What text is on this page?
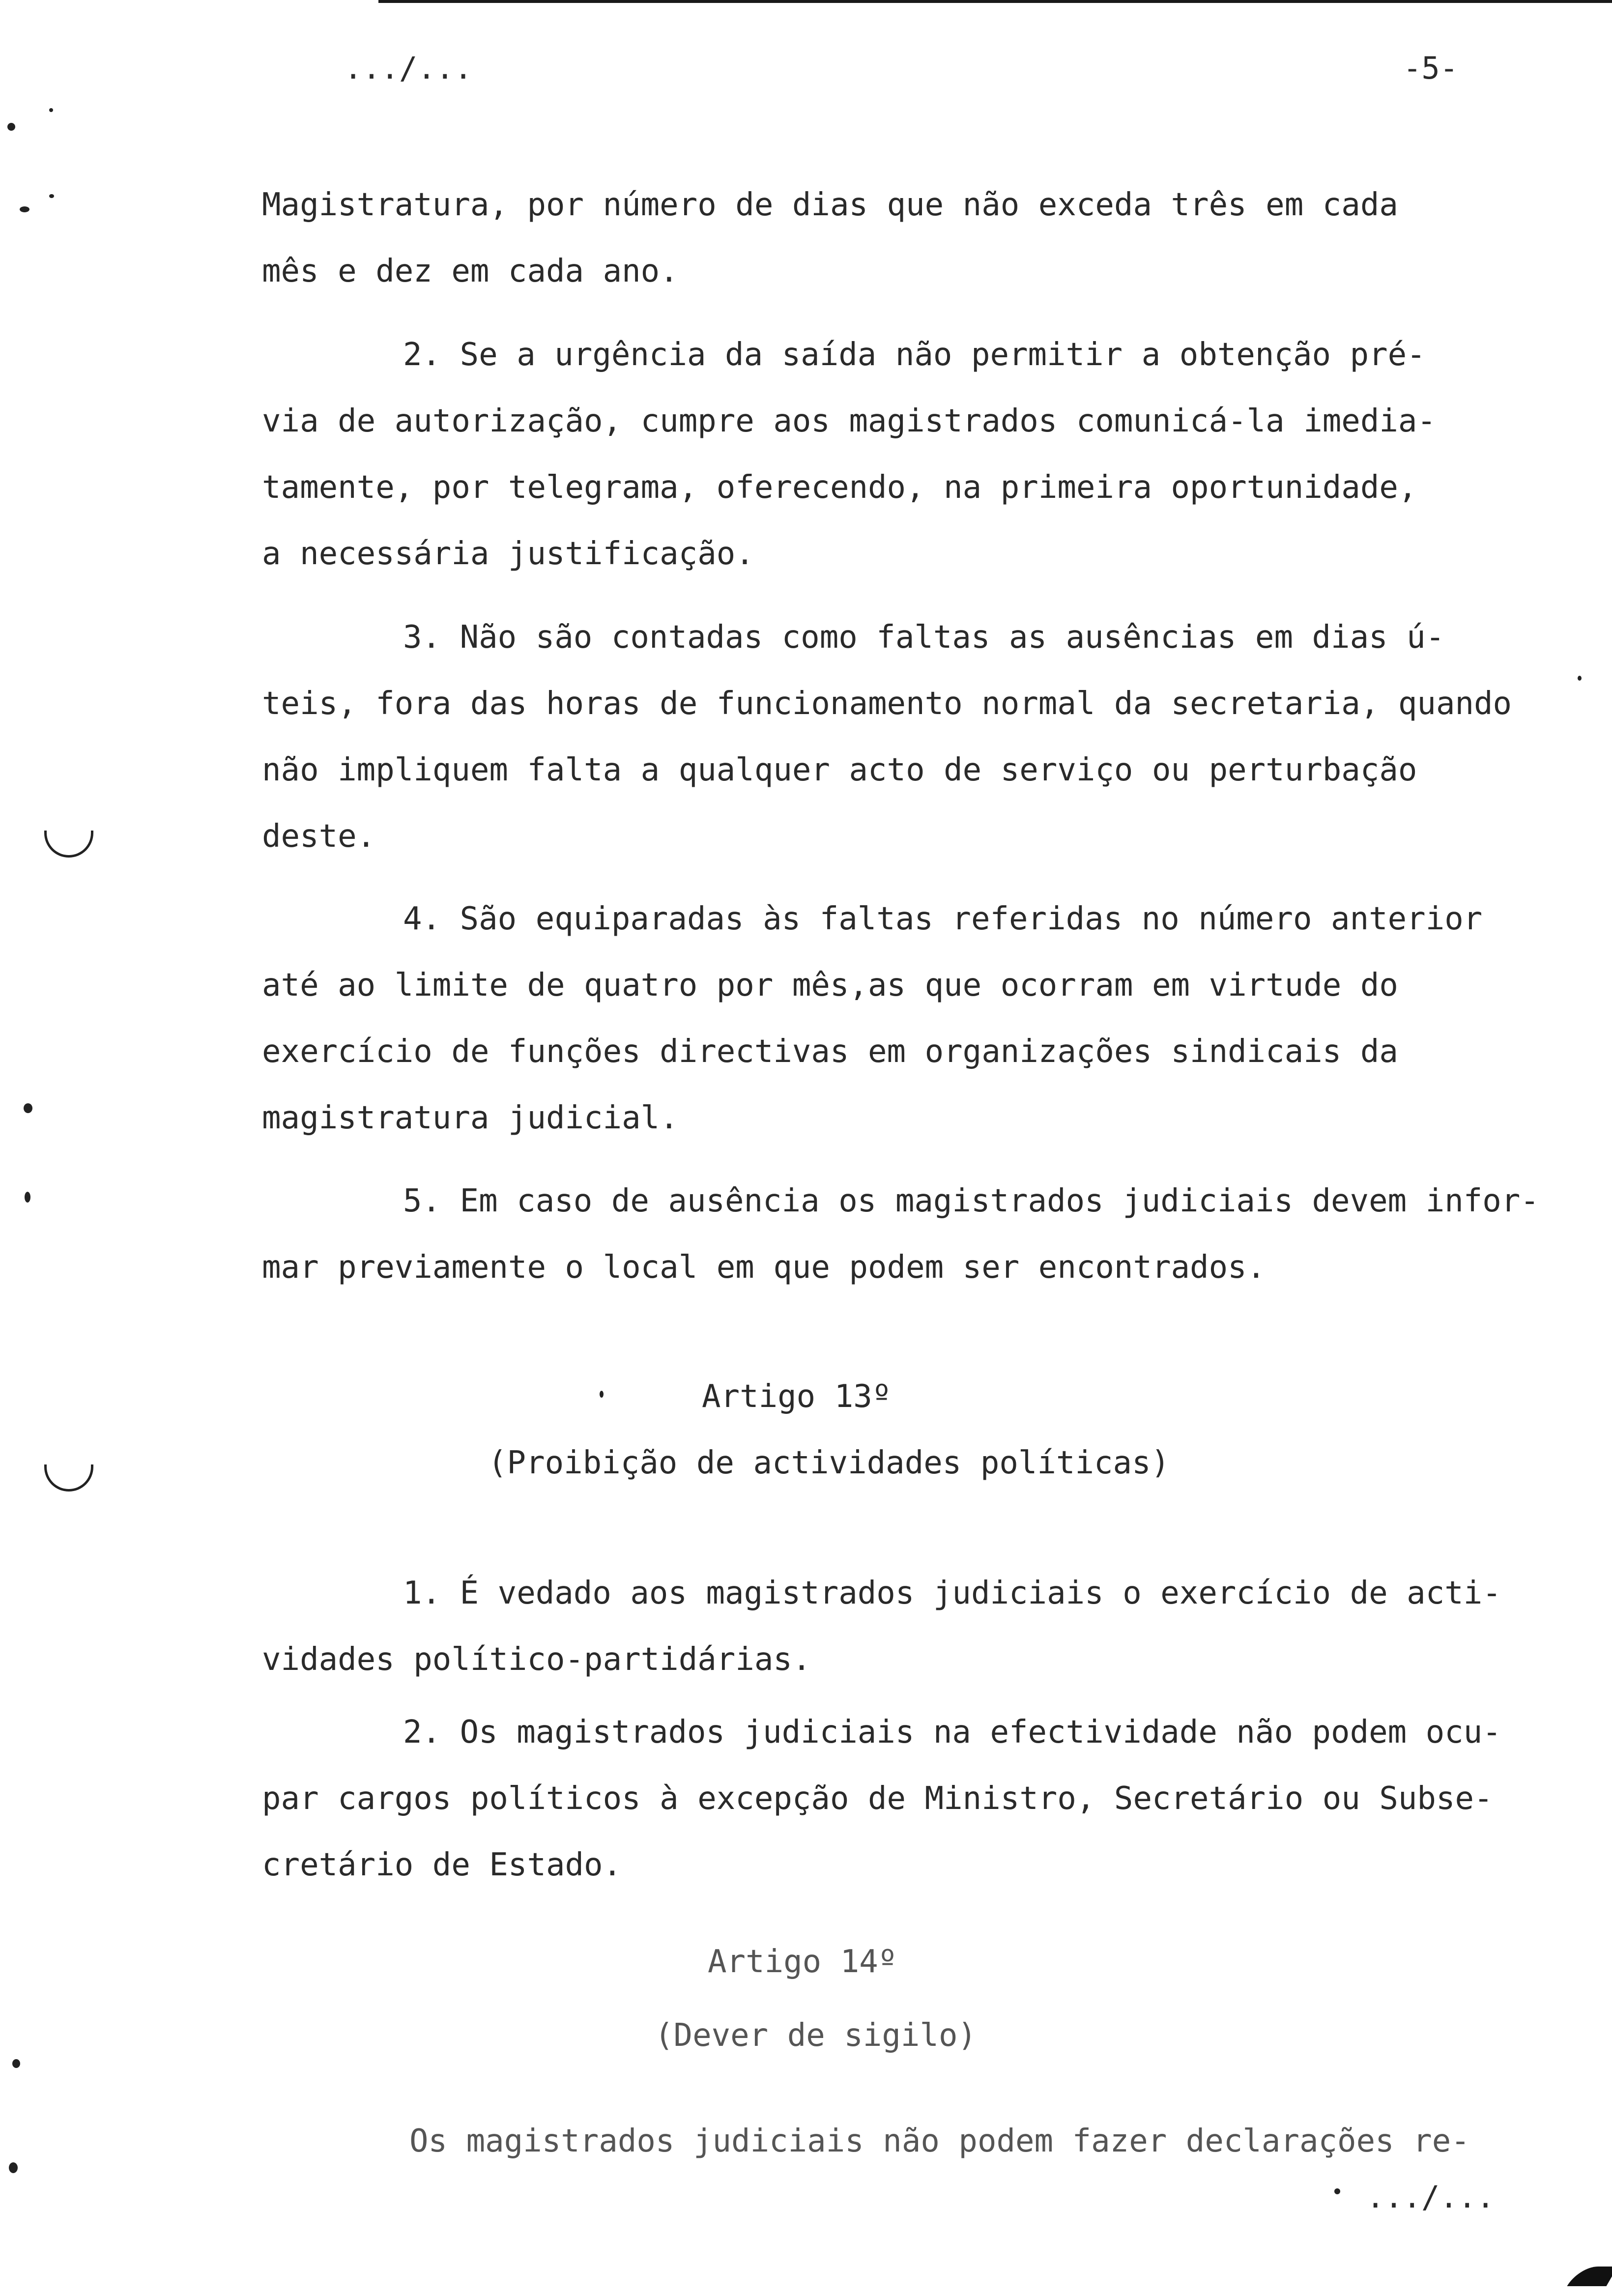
.../...	-5-
Magistratura, por número de dias que não exceda três em cada
mês e dez em cada ano.
2. Se a urgência da saída não permitir a obtenção pré-
via de autorização, cumpre aos magistrados comunicá-la imedia-
tamente, por telegrama, oferecendo, na primeira oportunidade,
a necessária justificação.
3. Não são contadas como faltas as ausências em dias ú-
teis, fora das horas de funcionamento normal da secretaria, quando
não impliquem falta a qualquer acto de serviço ou perturbação
deste.
4. São equiparadas às faltas referidas no número anterior
até ao limite de quatro por mês,as que ocorram em virtude do
exercício de funções directivas em organizações sindicais da
magistratura judicial.
5. Em caso de ausência os magistrados judiciais devem infor-
mar previamente o local em que podem ser encontrados.
Artigo 13º
(Proibição de actividades políticas)
1. É vedado aos magistrados judiciais o exercício de acti-
vidades político-partidárias.
2. Os magistrados judiciais na efectividade não podem ocu-
par cargos políticos à excepção de Ministro, Secretário ou Subse-
cretário de Estado.
Artigo 14º
(Dever de sigilo)
Os magistrados judiciais não podem fazer declarações re-
.../...
